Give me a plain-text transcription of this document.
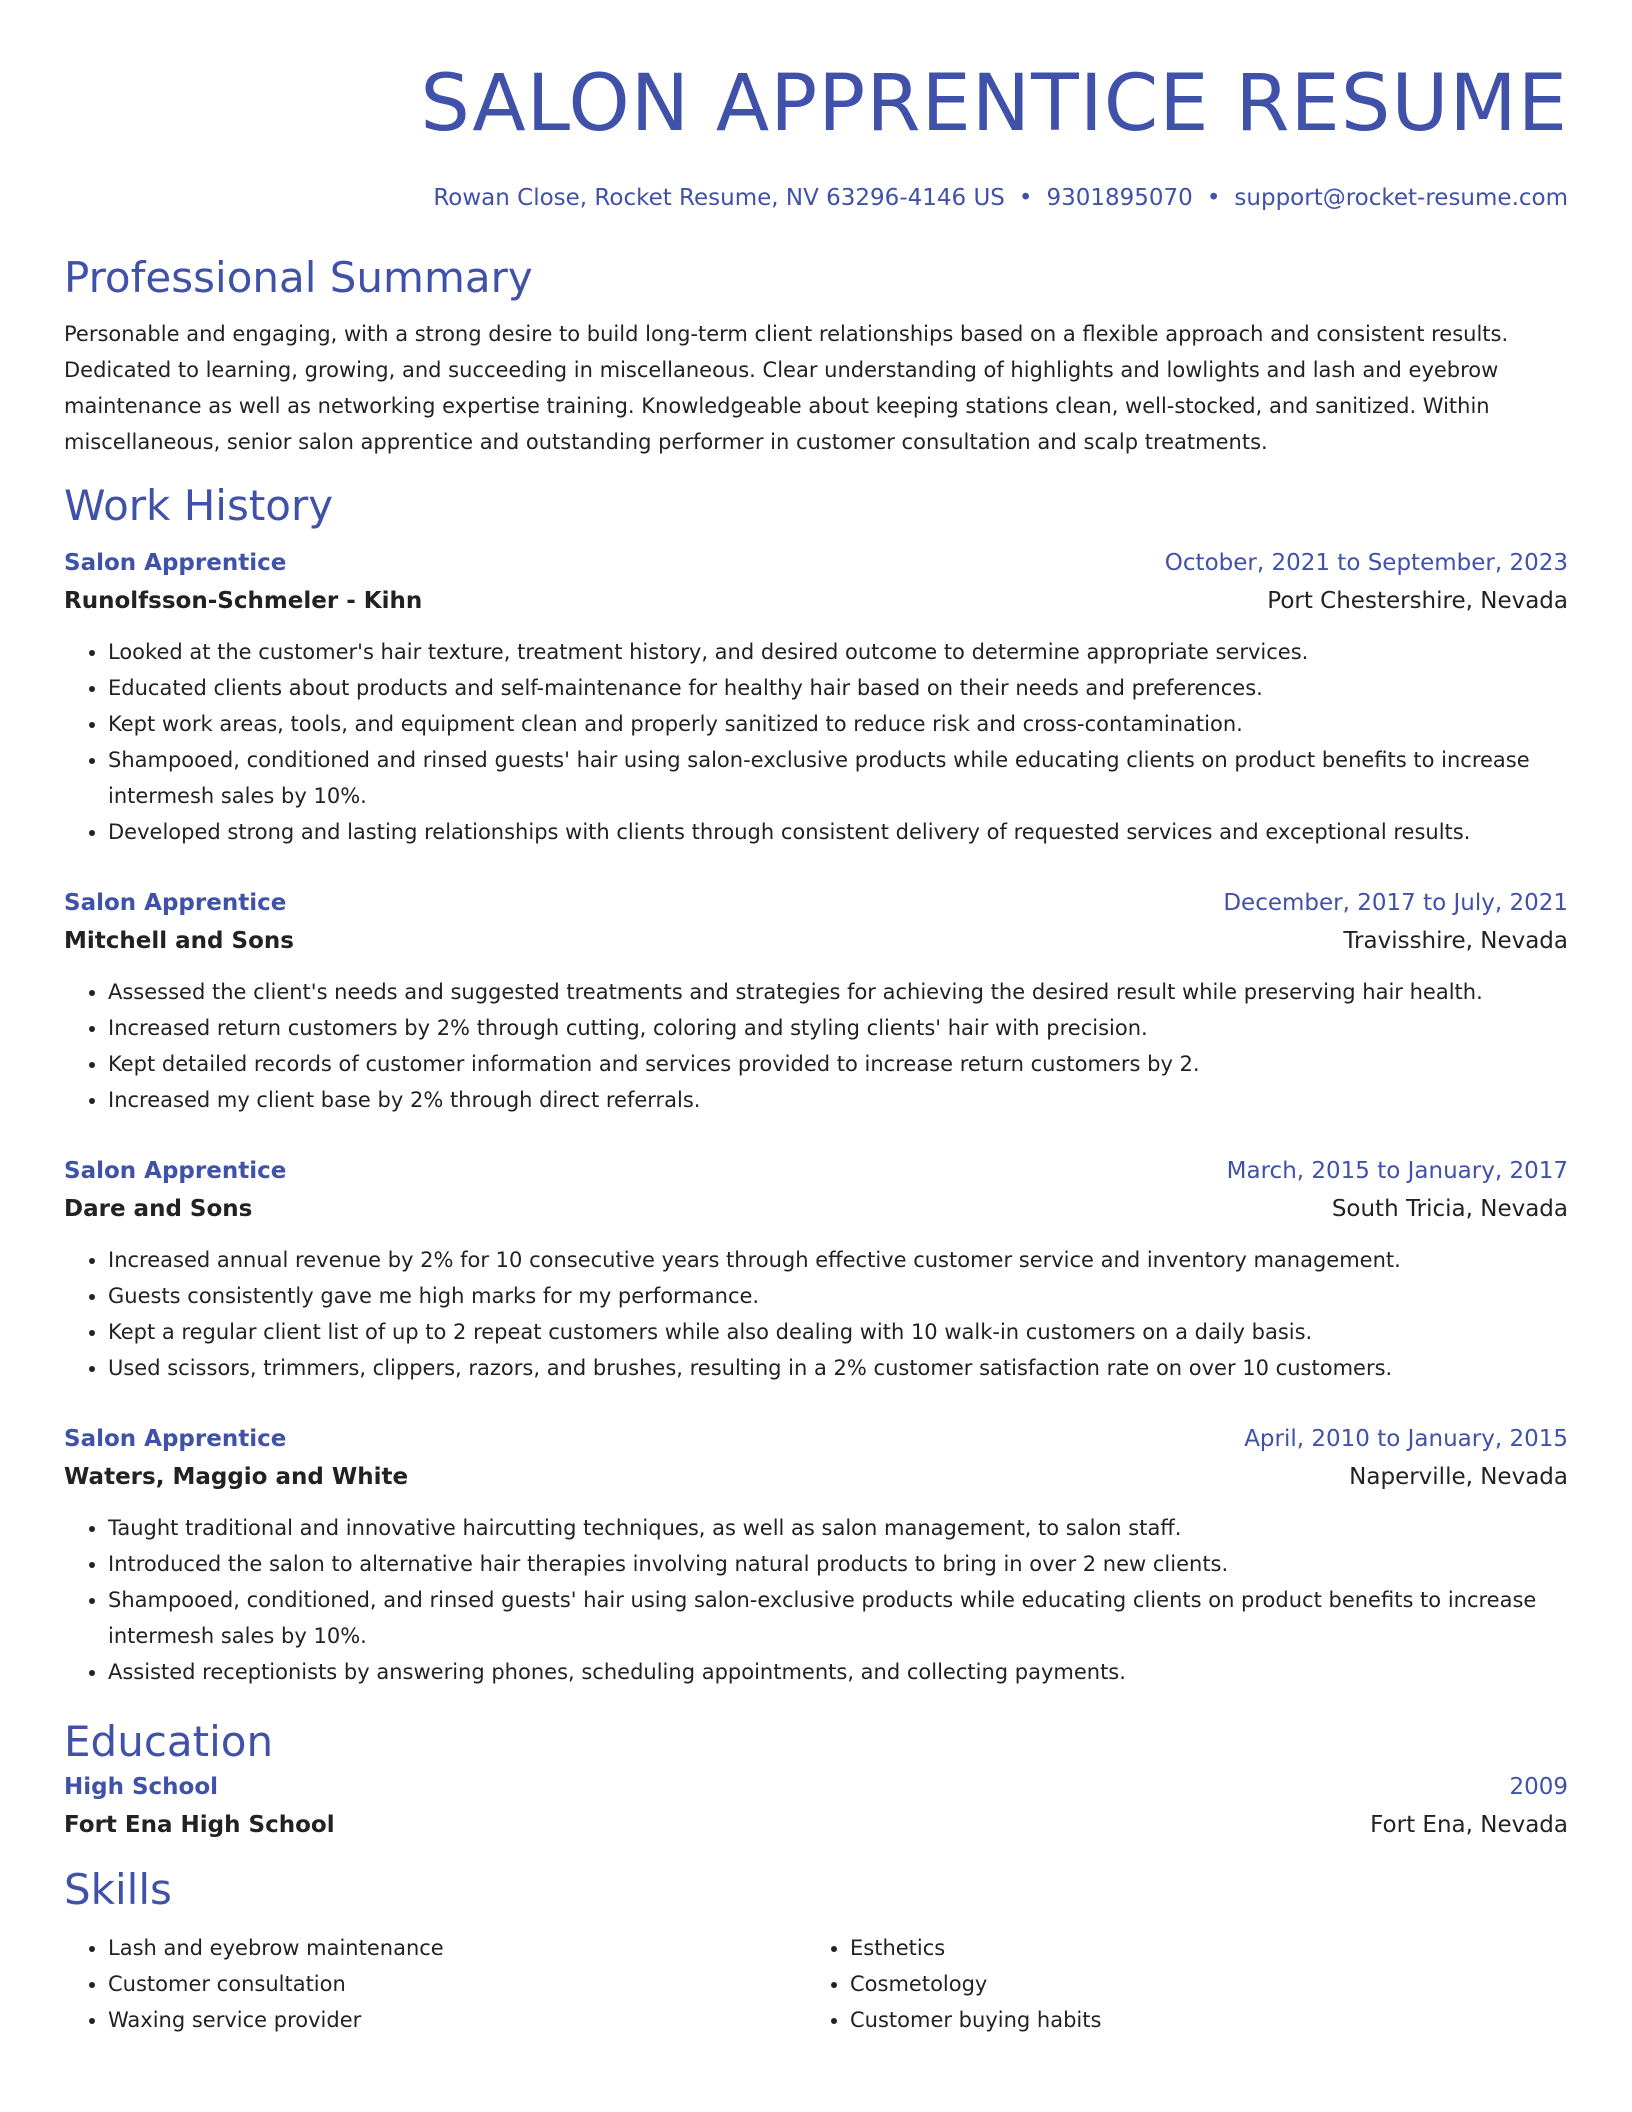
SALON APPRENTICE RESUME
Rowan Close, Rocket Resume, NV 63296-4146 US • 9301895070 • support@rocket-resume.com
Professional Summary
Personable and engaging, with a strong desire to build long-term client relationships based on a flexible approach and consistent results. Dedicated to learning, growing, and succeeding in miscellaneous. Clear understanding of highlights and lowlights and lash and eyebrow maintenance as well as networking expertise training. Knowledgeable about keeping stations clean, well-stocked, and sanitized. Within miscellaneous, senior salon apprentice and outstanding performer in customer consultation and scalp treatments.
Work History
Salon Apprentice	October, 2021 to September, 2023
Runolfsson-Schmeler - Kihn	Port Chestershire, Nevada
• Looked at the customer's hair texture, treatment history, and desired outcome to determine appropriate services.
• Educated clients about products and self-maintenance for healthy hair based on their needs and preferences.
• Kept work areas, tools, and equipment clean and properly sanitized to reduce risk and cross-contamination.
• Shampooed, conditioned and rinsed guests' hair using salon-exclusive products while educating clients on product benefits to increase intermesh sales by 10%.
• Developed strong and lasting relationships with clients through consistent delivery of requested services and exceptional results.
Salon Apprentice	December, 2017 to July, 2021
Mitchell and Sons	Travisshire, Nevada
• Assessed the client's needs and suggested treatments and strategies for achieving the desired result while preserving hair health.
• Increased return customers by 2% through cutting, coloring and styling clients' hair with precision.
• Kept detailed records of customer information and services provided to increase return customers by 2.
• Increased my client base by 2% through direct referrals.
Salon Apprentice	March, 2015 to January, 2017
Dare and Sons	South Tricia, Nevada
• Increased annual revenue by 2% for 10 consecutive years through effective customer service and inventory management.
• Guests consistently gave me high marks for my performance.
• Kept a regular client list of up to 2 repeat customers while also dealing with 10 walk-in customers on a daily basis.
• Used scissors, trimmers, clippers, razors, and brushes, resulting in a 2% customer satisfaction rate on over 10 customers.
Salon Apprentice	April, 2010 to January, 2015
Waters, Maggio and White	Naperville, Nevada
• Taught traditional and innovative haircutting techniques, as well as salon management, to salon staff.
• Introduced the salon to alternative hair therapies involving natural products to bring in over 2 new clients.
• Shampooed, conditioned, and rinsed guests' hair using salon-exclusive products while educating clients on product benefits to increase intermesh sales by 10%.
• Assisted receptionists by answering phones, scheduling appointments, and collecting payments.
Education
High School	2009
Fort Ena High School	Fort Ena, Nevada
Skills
• Lash and eyebrow maintenance
• Customer consultation
• Waxing service provider
• Esthetics
• Cosmetology
• Customer buying habits
